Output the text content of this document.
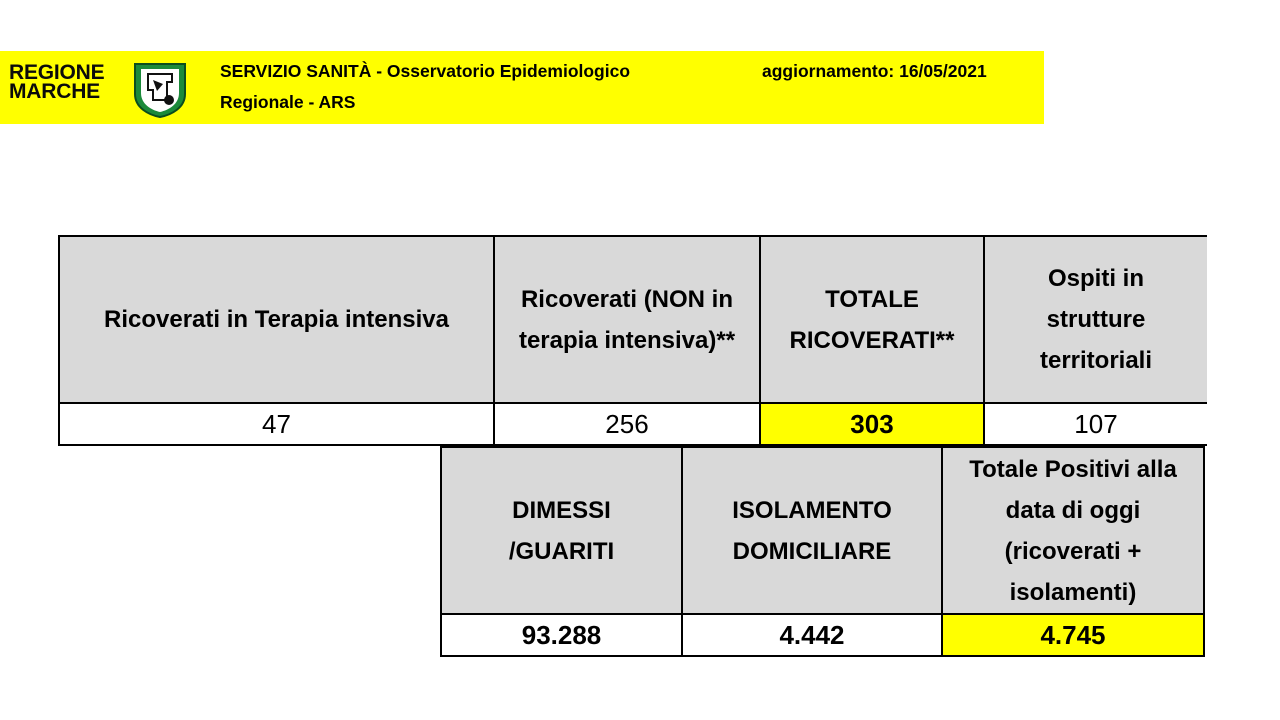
REGIONE
MARCHE
SERVIZIO SANITÀ - Osservatorio Epidemiologico
Regionale - ARS
aggiornamento: 16/05/2021
Ricoverati in Terapia intensiva	Ricoverati (NON in terapia intensiva)**	TOTALE RICOVERATI**	Ospiti in strutture territoriali

47	256	303	107
DIMESSI /GUARITI	ISOLAMENTO DOMICILIARE	Totale Positivi alla data di oggi (ricoverati + isolamenti)

93.288	4.442	4.745
